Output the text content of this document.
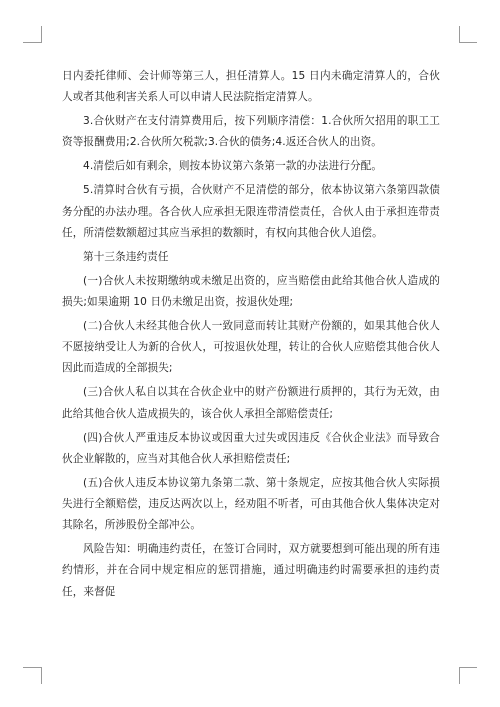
日内委托律师、会计师等第三人，担任清算人。15 日内未确定清算人的，合伙人或者其他利害关系人可以申请人民法院指定清算人。

3.合伙财产在支付清算费用后，按下列顺序清偿：1.合伙所欠招用的职工工资等报酬费用;2.合伙所欠税款;3.合伙的债务;4.返还合伙人的出资。

4.清偿后如有剩余，则按本协议第六条第一款的办法进行分配。

5.清算时合伙有亏损，合伙财产不足清偿的部分，依本协议第六条第四款债务分配的办法办理。各合伙人应承担无限连带清偿责任，合伙人由于承担连带责任，所清偿数额超过其应当承担的数额时，有权向其他合伙人追偿。

第十三条违约责任

(一)合伙人未按期缴纳或未缴足出资的，应当赔偿由此给其他合伙人造成的损失;如果逾期 10 日仍未缴足出资，按退伙处理;

(二)合伙人未经其他合伙人一致同意而转让其财产份额的，如果其他合伙人不愿接纳受让人为新的合伙人，可按退伙处理，转让的合伙人应赔偿其他合伙人因此而造成的全部损失;

(三)合伙人私自以其在合伙企业中的财产份额进行质押的，其行为无效，由此给其他合伙人造成损失的，该合伙人承担全部赔偿责任;

(四)合伙人严重违反本协议或因重大过失或因违反《合伙企业法》而导致合伙企业解散的，应当对其他合伙人承担赔偿责任;

(五)合伙人违反本协议第九条第二款、第十条规定，应按其他合伙人实际损失进行全额赔偿，违反达两次以上，经劝阻不听者，可由其他合伙人集体决定对其除名，所涉股份全部冲公。

风险告知：明确违约责任，在签订合同时，双方就要想到可能出现的所有违约情形，并在合同中规定相应的惩罚措施，通过明确违约时需要承担的违约责任，来督促
